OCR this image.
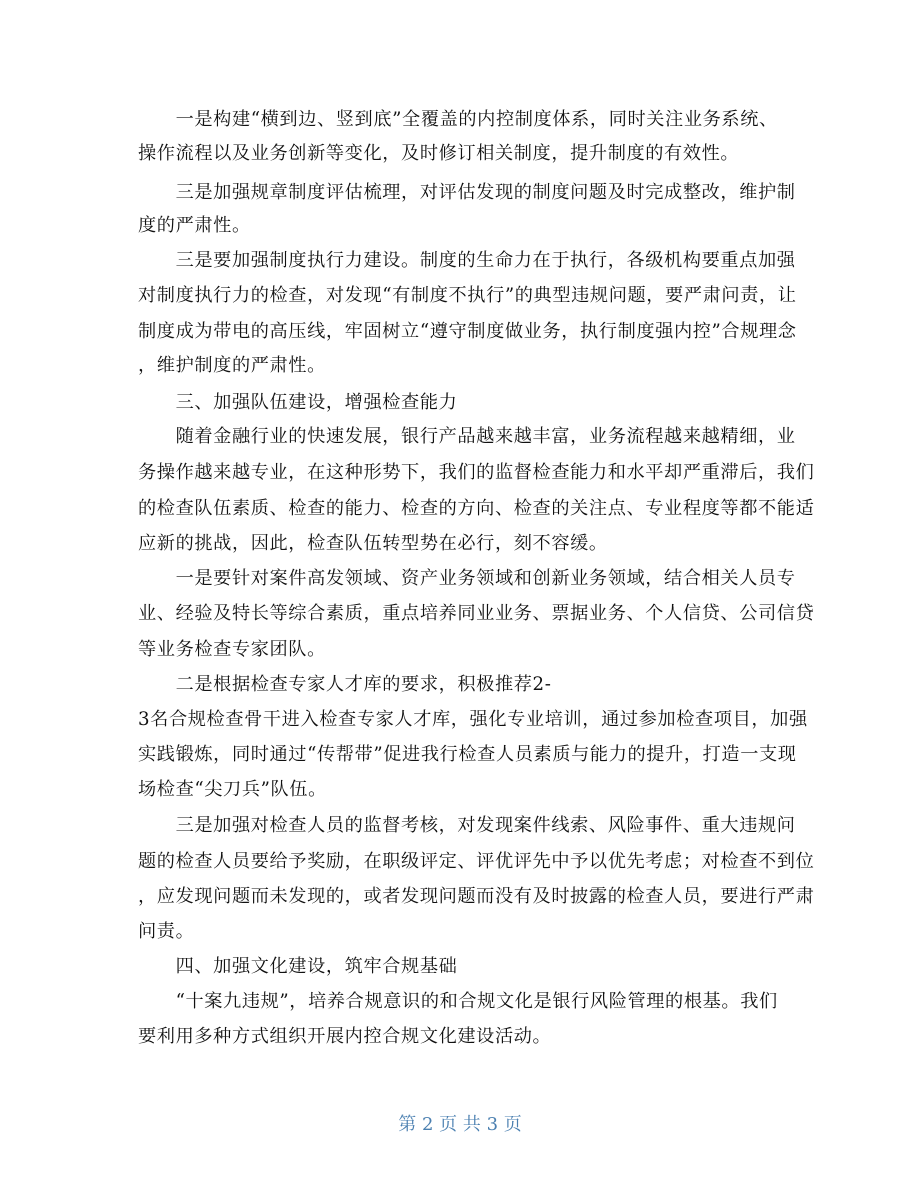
　　一是构建“横到边、竖到底”全覆盖的内控制度体系，同时关注业务系统、
操作流程以及业务创新等变化，及时修订相关制度，提升制度的有效性。
　　三是加强规章制度评估梳理，对评估发现的制度问题及时完成整改，维护制
度的严肃性。
　　三是要加强制度执行力建设。制度的生命力在于执行，各级机构要重点加强
对制度执行力的检查，对发现“有制度不执行”的典型违规问题，要严肃问责，让
制度成为带电的高压线，牢固树立“遵守制度做业务，执行制度强内控”合规理念
，维护制度的严肃性。
　　三、加强队伍建设，增强检查能力
　　随着金融行业的快速发展，银行产品越来越丰富，业务流程越来越精细，业
务操作越来越专业，在这种形势下，我们的监督检查能力和水平却严重滞后，我们
的检查队伍素质、检查的能力、检查的方向、检查的关注点、专业程度等都不能适
应新的挑战，因此，检查队伍转型势在必行，刻不容缓。
　　一是要针对案件高发领域、资产业务领域和创新业务领域，结合相关人员专
业、经验及特长等综合素质，重点培养同业业务、票据业务、个人信贷、公司信贷
等业务检查专家团队。
　　二是根据检查专家人才库的要求，积极推荐2-
3名合规检查骨干进入检查专家人才库，强化专业培训，通过参加检查项目，加强
实践锻炼，同时通过“传帮带”促进我行检查人员素质与能力的提升，打造一支现
场检查“尖刀兵”队伍。
　　三是加强对检查人员的监督考核，对发现案件线索、风险事件、重大违规问
题的检查人员要给予奖励，在职级评定、评优评先中予以优先考虑；对检查不到位
，应发现问题而未发现的，或者发现问题而没有及时披露的检查人员，要进行严肃
问责。
　　四、加强文化建设，筑牢合规基础
　　“十案九违规”，培养合规意识的和合规文化是银行风险管理的根基。我们
要利用多种方式组织开展内控合规文化建设活动。
第 2 页 共 3 页
